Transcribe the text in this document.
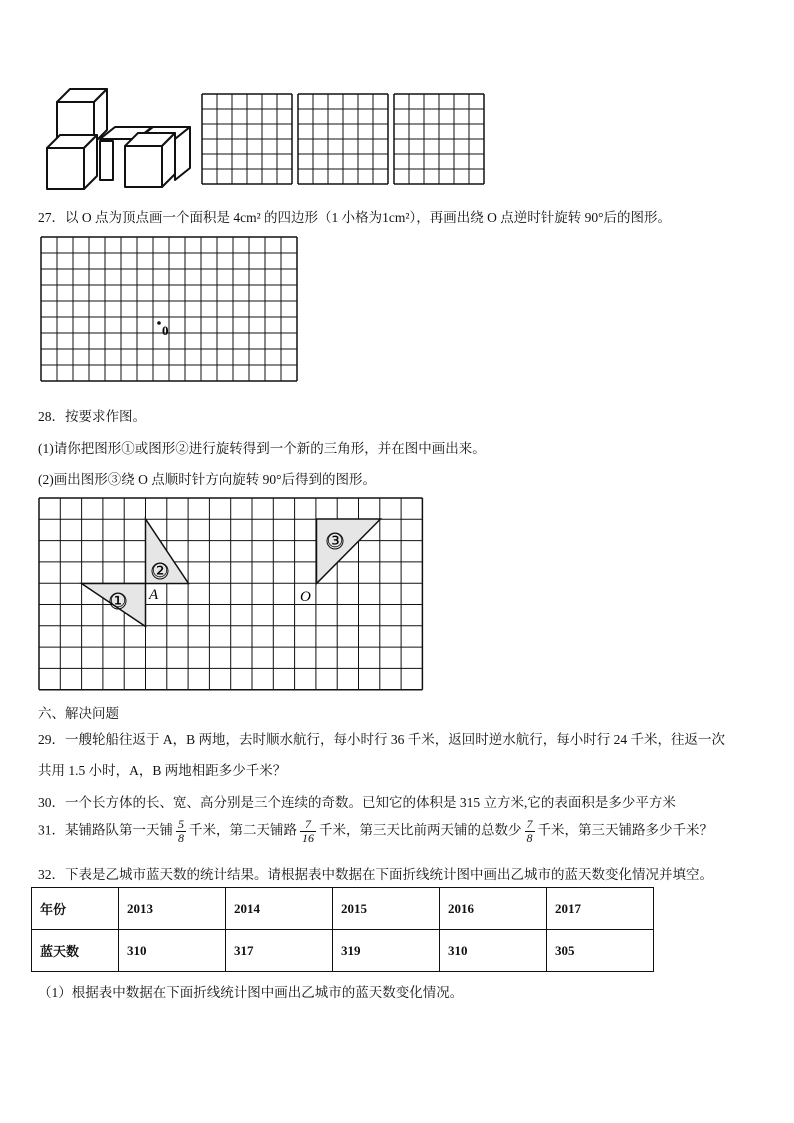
27．以 O 点为顶点画一个面积是 4cm² 的四边形（1 小格为1cm²），再画出绕 O 点逆时针旋转 90°后的图形。
0
28．按要求作图。
(1)请你把图形①或图形②进行旋转得到一个新的三角形，并在图中画出来。
(2)画出图形③绕 O 点顺时针方向旋转 90°后得到的图形。
①
②
③
A	O
六、解决问题
29．一艘轮船往返于 A，B 两地，去时顺水航行，每小时行 36 千米，返回时逆水航行，每小时行 24 千米，往返一次
共用 1.5 小时，A，B 两地相距多少千米？
30．一个长方体的长、宽、高分别是三个连续的奇数。已知它的体积是 315 立方米,它的表面积是多少平方米
31．某铺路队第一天铺 $\frac{5}{8}$ 千米，第二天铺路 $\frac{7}{16}$ 千米，第三天比前两天铺的总数少 $\frac{7}{8}$ 千米，第三天铺路多少千米？
32．下表是乙城市蓝天数的统计结果。请根据表中数据在下面折线统计图中画出乙城市的蓝天数变化情况并填空。
年份	2013	2014	2015	2016	2017
蓝天数	310	317	319	310	305
（1）根据表中数据在下面折线统计图中画出乙城市的蓝天数变化情况。
